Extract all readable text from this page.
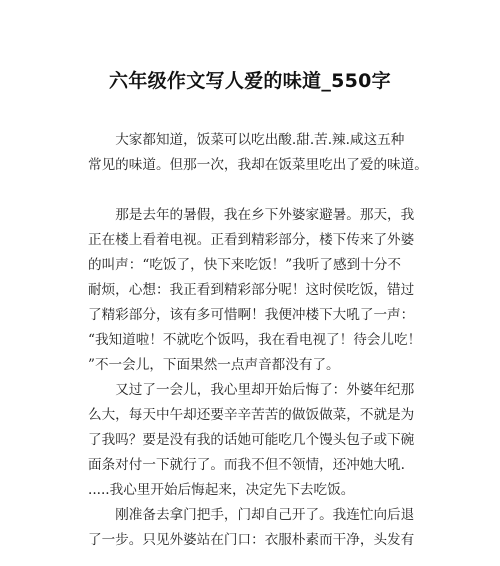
六年级作文写人爱的味道_550字

大家都知道，饭菜可以吃出酸.甜.苦.辣.咸这五种
常见的味道。但那一次，我却在饭菜里吃出了爱的味道。

那是去年的暑假，我在乡下外婆家避暑。那天，我
正在楼上看着电视。正看到精彩部分，楼下传来了外婆
的叫声：“吃饭了，快下来吃饭！”我听了感到十分不
耐烦，心想：我正看到精彩部分呢！这时侯吃饭，错过
了精彩部分，该有多可惜啊！我便冲楼下大吼了一声：
“我知道啦！不就吃个饭吗，我在看电视了！待会儿吃！
”不一会儿，下面果然一点声音都没有了。

又过了一会儿，我心里却开始后悔了：外婆年纪那
么大，每天中午却还要辛辛苦苦的做饭做菜，不就是为
了我吗？要是没有我的话她可能吃几个馒头包子或下碗
面条对付一下就行了。而我不但不领情，还冲她大吼.
.....我心里开始后悔起来，决定先下去吃饭。

刚准备去拿门把手，门却自己开了。我连忙向后退
了一步。只见外婆站在门口：衣服朴素而干净，头发有
